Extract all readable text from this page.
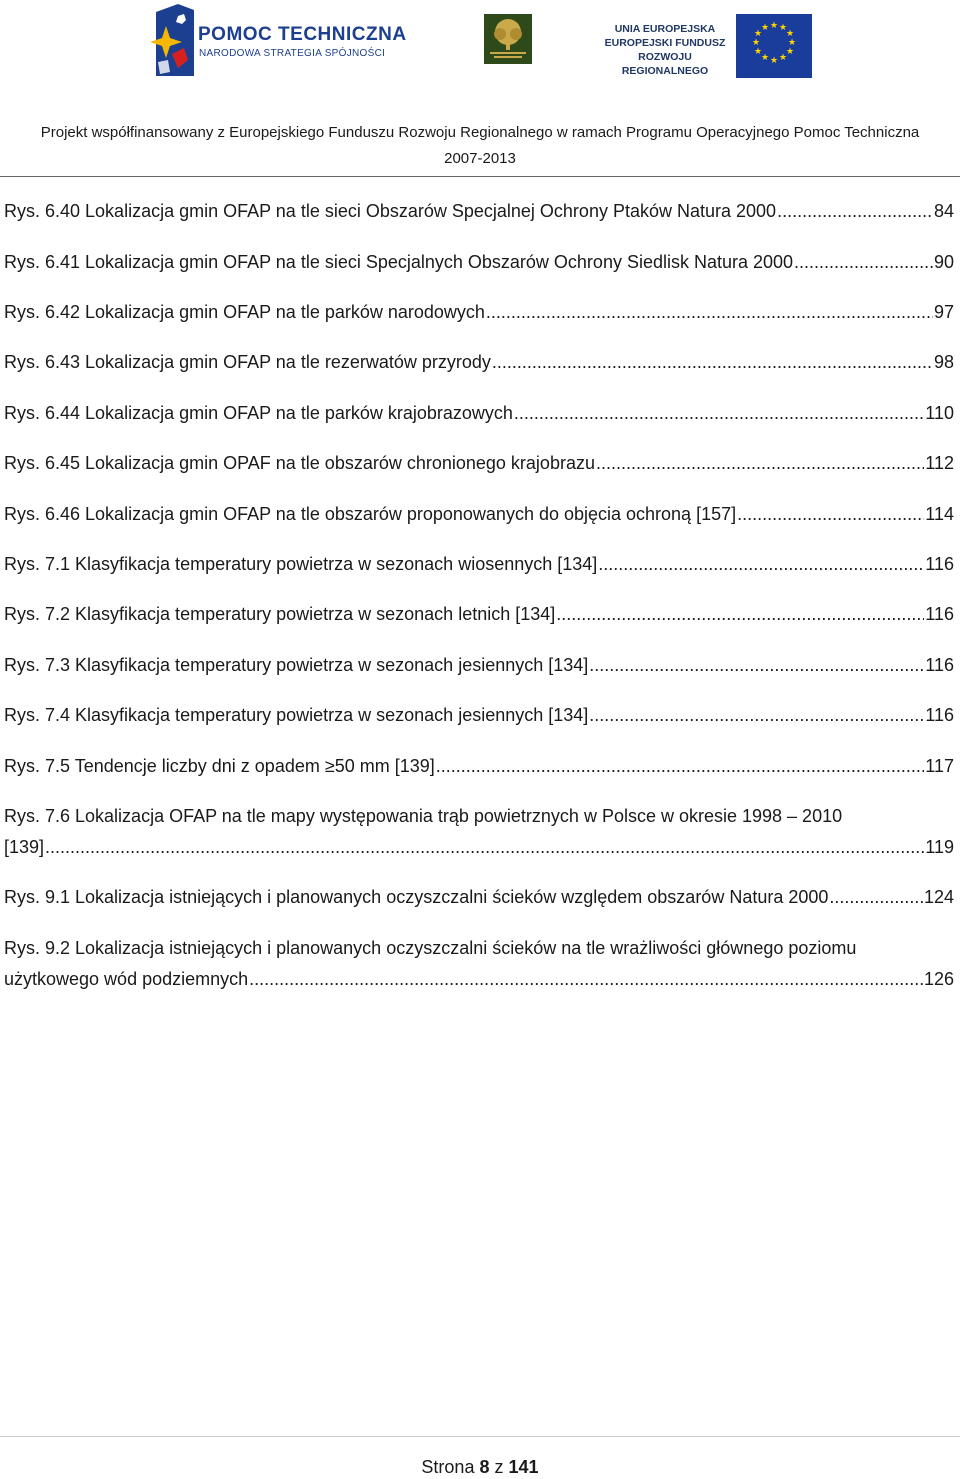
POMOC TECHNICZNA
NARODOWA STRATEGIA SPÓJNOŚCI
UNIA EUROPEJSKA
EUROPEJSKI FUNDUSZ
ROZWOJU REGIONALNEGO
★ ★
★
★
★
★
★
★
★
★
★
★
Projekt współfinansowany z Europejskiego Funduszu Rozwoju Regionalnego w ramach Programu Operacyjnego Pomoc Techniczna
2007-2013
Rys. 6.40 Lokalizacja gmin OFAP na tle sieci Obszarów Specjalnej Ochrony Ptaków Natura 2000 .....	84
Rys. 6.41 Lokalizacja gmin OFAP na tle sieci Specjalnych Obszarów Ochrony Siedlisk Natura 2000 .....	90
Rys. 6.42 Lokalizacja gmin OFAP na tle parków narodowych .....	97
Rys. 6.43 Lokalizacja gmin OFAP na tle rezerwatów przyrody .....	98
Rys. 6.44 Lokalizacja gmin OFAP na tle parków krajobrazowych .....	110
Rys. 6.45 Lokalizacja gmin OPAF na tle obszarów chronionego krajobrazu .....	112
Rys. 6.46 Lokalizacja gmin OFAP na tle obszarów proponowanych do objęcia ochroną [157] .....	114
Rys. 7.1 Klasyfikacja temperatury powietrza w sezonach wiosennych [134] .....	116
Rys. 7.2 Klasyfikacja temperatury powietrza w sezonach letnich [134] .....	116
Rys. 7.3 Klasyfikacja temperatury powietrza w sezonach jesiennych [134] .....	116
Rys. 7.4 Klasyfikacja temperatury powietrza w sezonach jesiennych [134] .....	116
Rys. 7.5 Tendencje liczby dni z opadem ≥50 mm [139] .....	117
Rys. 7.6 Lokalizacja OFAP na tle mapy występowania trąb powietrznych w Polsce w okresie 1998 – 2010
[139] .....	119
Rys. 9.1 Lokalizacja istniejących i planowanych oczyszczalni ścieków względem obszarów Natura 2000 .....	124
Rys. 9.2 Lokalizacja istniejących i planowanych oczyszczalni ścieków na tle wrażliwości głównego poziomu
użytkowego wód podziemnych .....	126
Strona 8 z 141
